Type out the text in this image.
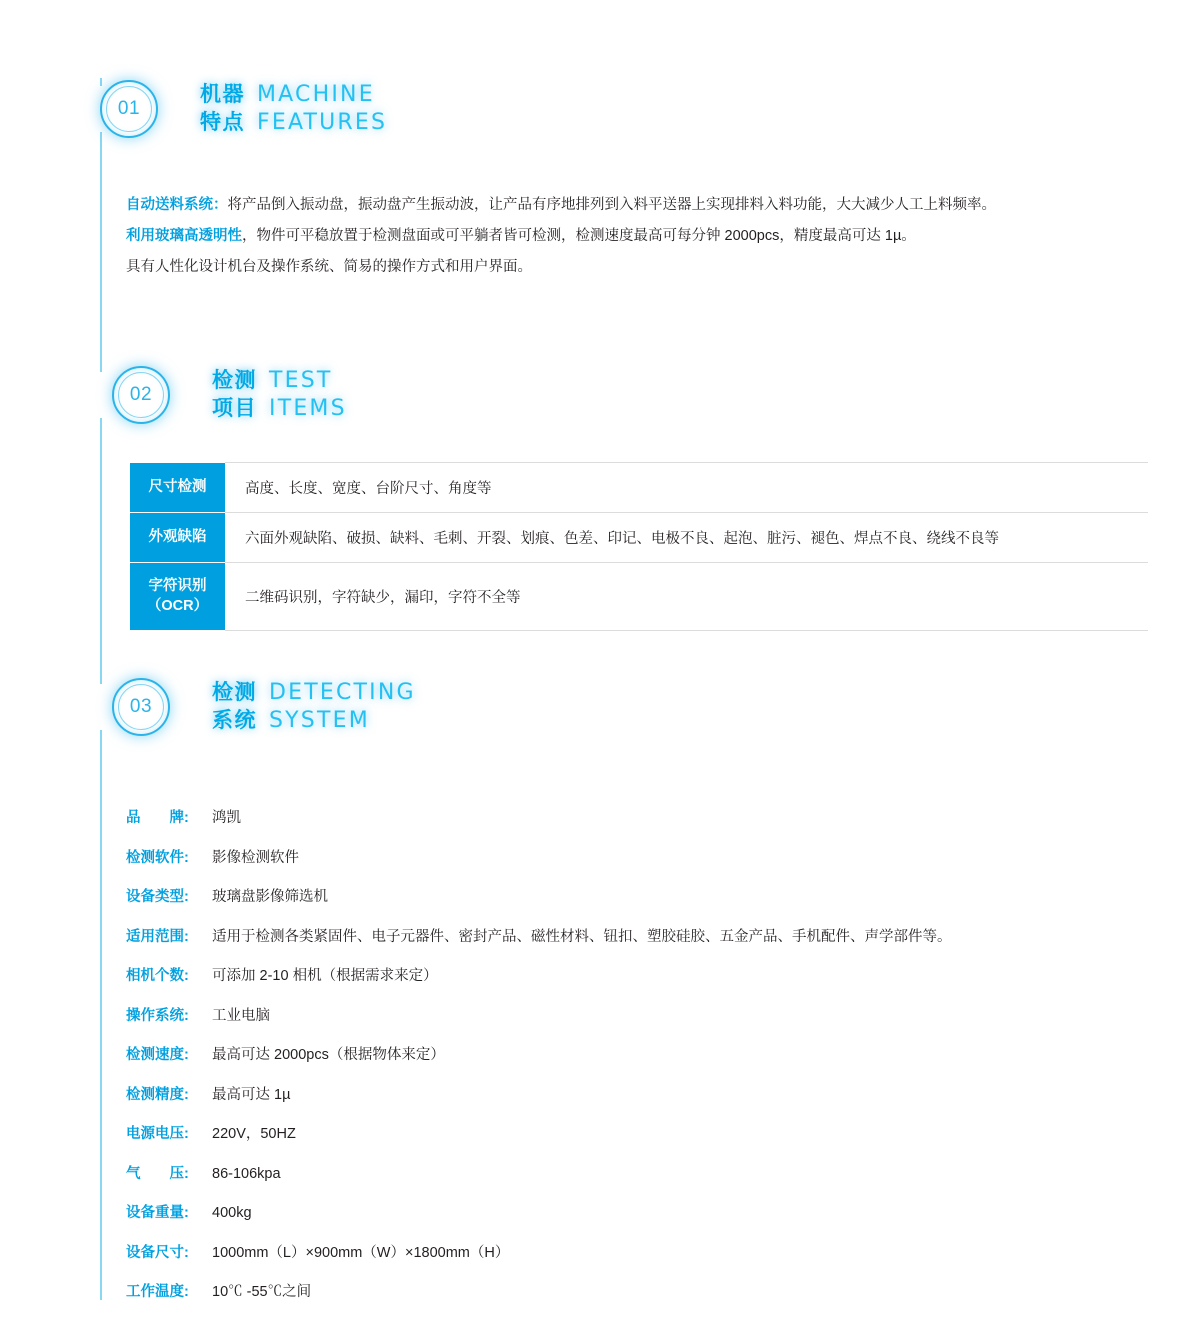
01
机器 MACHINE
特点 FEATURES

自动送料系统：将产品倒入振动盘，振动盘产生振动波，让产品有序地排列到入料平送器上实现排料入料功能，大大减少人工上料频率。

利用玻璃高透明性，物件可平稳放置于检测盘面或可平躺者皆可检测，检测速度最高可每分钟 2000pcs，精度最高可达 1µ。

具有人性化设计机台及操作系统、简易的操作方式和用户界面。

02
检测 TEST
项目 ITEMS
尺寸检测	高度、长度、宽度、台阶尺寸、角度等
外观缺陷	六面外观缺陷、破损、缺料、毛刺、开裂、划痕、色差、印记、电极不良、起泡、脏污、褪色、焊点不良、绕线不良等
字符识别
（OCR）	二维码识别，字符缺少，漏印，字符不全等
03
检测 DETECTING
系统 SYSTEM
品　　牌:	鸿凯
检测软件:	影像检测软件
设备类型:	玻璃盘影像筛选机
适用范围:	适用于检测各类紧固件、电子元器件、密封产品、磁性材料、钮扣、塑胶硅胶、五金产品、手机配件、声学部件等。
相机个数:	可添加 2-10 相机（根据需求来定）
操作系统:	工业电脑
检测速度:	最高可达 2000pcs（根据物体来定）
检测精度:	最高可达 1µ
电源电压:	220V，50HZ
气　　压:	86-106kpa
设备重量:	400kg
设备尺寸:	1000mm（L）×900mm（W）×1800mm（H）
工作温度:	10℃ -55℃之间
